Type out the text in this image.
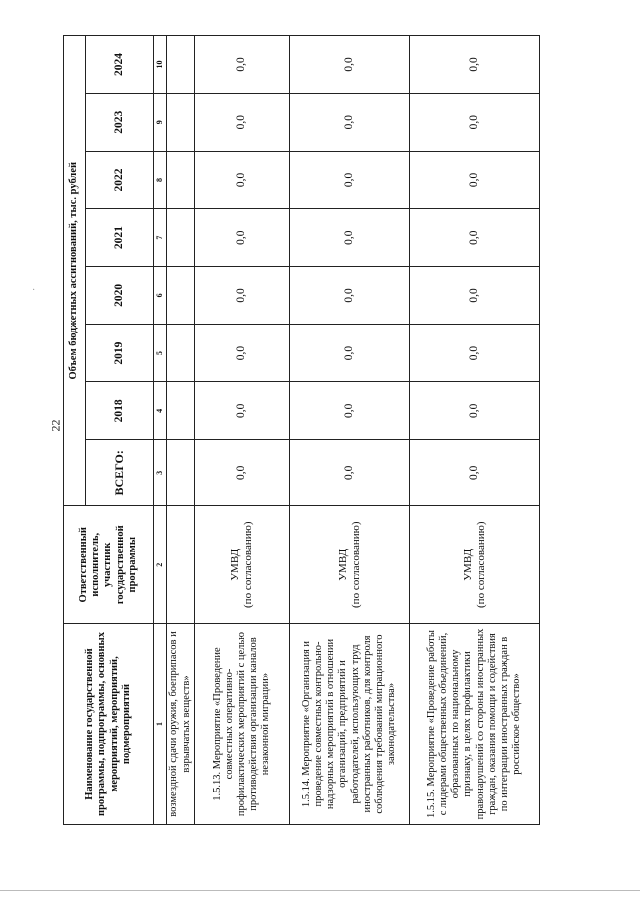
22
·
Наименование государственной программы, подпрограммы, основных мероприятий, мероприятий, подмероприятий	Ответственный исполнитель, участник государственной программы	Объем бюджетных ассигнований, тыс. рублей							
		ВСЕГО:	2018	2019	2020	2021	2022	2023	2024
1	2	3	4	5	6	7	8	9	10
возмездной сдачи оружия, боеприпасов и взрывчатых веществ»									
1.5.13. Мероприятие «Проведение совместных оперативно-профилактических мероприятий с целью противодействия организации каналов незаконной миграции»	УМВД (по согласованию)	0,0	0,0	0,0	0,0	0,0	0,0	0,0	0,0
1.5.14. Мероприятие «Организация и проведение совместных контрольно-надзорных мероприятий в отношении организаций, предприятий и работодателей, использующих труд иностранных работников, для контроля соблюдения требований миграционного законодательства»	УМВД (по согласованию)	0,0	0,0	0,0	0,0	0,0	0,0	0,0	0,0
1.5.15. Мероприятие «Проведение работы с лидерами общественных объединений, образованных по национальному признаку, в целях профилактики правонарушений со стороны иностранных граждан, оказания помощи и содействия по интеграции иностранных граждан в российское общество»	УМВД (по согласованию)	0,0	0,0	0,0	0,0	0,0	0,0	0,0	0,0
